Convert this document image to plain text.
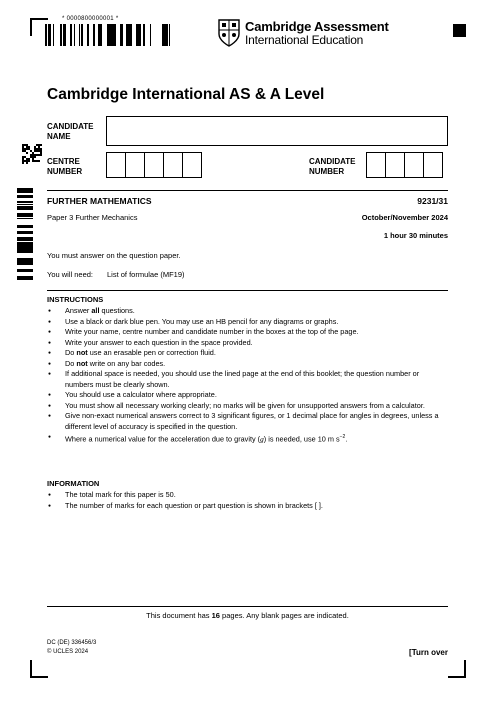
* 0000800000001 *	Cambridge Assessment
International Education
Cambridge International AS & A Level
CANDIDATE
NAME
CENTRE
NUMBER
CANDIDATE
NUMBER
FURTHER MATHEMATICS	9231/31
Paper 3 Further Mechanics	October/November 2024
1 hour 30 minutes
You must answer on the question paper.
You will need: List of formulae (MF19)
INSTRUCTIONS
● Answer all questions.
● Use a black or dark blue pen. You may use an HB pencil for any diagrams or graphs.
● Write your name, centre number and candidate number in the boxes at the top of the page.
● Write your answer to each question in the space provided.
● Do not use an erasable pen or correction fluid.
● Do not write on any bar codes.
● If additional space is needed, you should use the lined page at the end of this booklet; the question number or numbers must be clearly shown.
● You should use a calculator where appropriate.
● You must show all necessary working clearly; no marks will be given for unsupported answers from a calculator.
● Give non-exact numerical answers correct to 3 significant figures, or 1 decimal place for angles in degrees, unless a different level of accuracy is specified in the question.
● Where a numerical value for the acceleration due to gravity (g) is needed, use 10 m $s^{-2}$.
INFORMATION
● The total mark for this paper is 50.
● The number of marks for each question or part question is shown in brackets [ ].
This document has 16 pages. Any blank pages are indicated.
DC (DE) 336456/3
© UCLES 2024	[Turn over
